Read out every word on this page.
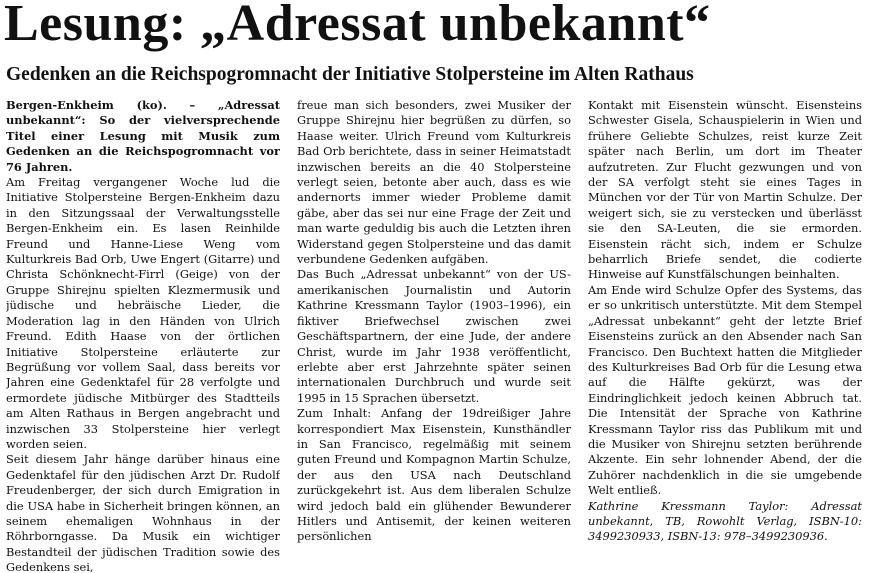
Lesung: „Adressat unbekannt“
Gedenken an die Reichspogromnacht der Initiative Stolpersteine im Alten Rathaus

Bergen-Enkheim (ko). – „Adressat unbekannt“: So der vielversprechende Titel einer Lesung mit Musik zum Gedenken an die Reichspogromnacht vor 76 Jahren.

Am Freitag vergangener Woche lud die Initiative Stolpersteine Bergen-Enkheim dazu in den Sitzungssaal der Verwaltungsstelle Bergen-Enkheim ein. Es lasen Reinhilde Freund und Hanne-Liese Weng vom Kulturkreis Bad Orb, Uwe Engert (Gitarre) und Christa Schönknecht-Firrl (Geige) von der Gruppe Shirejnu spielten Klezmermusik und jüdische und hebräische Lieder, die Moderation lag in den Händen von Ulrich Freund. Edith Haase von der örtlichen Initiative Stolpersteine erläuterte zur Begrüßung vor vollem Saal, dass bereits vor Jahren eine Gedenktafel für 28 verfolgte und ermordete jüdische Mitbürger des Stadtteils am Alten Rathaus in Bergen angebracht und inzwischen 33 Stolpersteine hier verlegt worden seien.

Seit diesem Jahr hänge darüber hinaus eine Gedenktafel für den jüdischen Arzt Dr. Rudolf Freudenberger, der sich durch Emigration in die USA habe in Sicherheit bringen können, an seinem ehemaligen Wohnhaus in der Röhrborngasse. Da Musik ein wichtiger Bestandteil der jüdischen Tradition sowie des Gedenkens sei,

freue man sich besonders, zwei Musiker der Gruppe Shirejnu hier begrüßen zu dürfen, so Haase weiter. Ulrich Freund vom Kulturkreis Bad Orb berichtete, dass in seiner Heimatstadt inzwischen bereits an die 40 Stolpersteine verlegt seien, betonte aber auch, dass es wie andernorts immer wieder Probleme damit gäbe, aber das sei nur eine Frage der Zeit und man warte geduldig bis auch die Letzten ihren Widerstand gegen Stolpersteine und das damit verbundene Gedenken aufgäben.

Das Buch „Adressat unbekannt“ von der US-amerikanischen Journalistin und Autorin Kathrine Kressmann Taylor (1903–1996), ein fiktiver Briefwechsel zwischen zwei Geschäftspartnern, der eine Jude, der andere Christ, wurde im Jahr 1938 veröffentlicht, erlebte aber erst Jahrzehnte später seinen internationalen Durchbruch und wurde seit 1995 in 15 Sprachen übersetzt.

Zum Inhalt: Anfang der 19dreißiger Jahre korrespondiert Max Eisenstein, Kunsthändler in San Francisco, regelmäßig mit seinem guten Freund und Kompagnon Martin Schulze, der aus den USA nach Deutschland zurückgekehrt ist. Aus dem liberalen Schulze wird jedoch bald ein glühender Bewunderer Hitlers und Antisemit, der keinen weiteren persönlichen

Kontakt mit Eisenstein wünscht. Eisensteins Schwester Gisela, Schauspielerin in Wien und frühere Geliebte Schulzes, reist kurze Zeit später nach Berlin, um dort im Theater aufzutreten. Zur Flucht gezwungen und von der SA verfolgt steht sie eines Tages in München vor der Tür von Martin Schulze. Der weigert sich, sie zu verstecken und überlässt sie den SA-Leuten, die sie ermorden. Eisenstein rächt sich, indem er Schulze beharrlich Briefe sendet, die codierte Hinweise auf Kunstfälschungen beinhalten.

Am Ende wird Schulze Opfer des Systems, das er so unkritisch unterstützte. Mit dem Stempel „Adressat unbekannt“ geht der letzte Brief Eisensteins zurück an den Absender nach San Francisco. Den Buchtext hatten die Mitglieder des Kulturkreises Bad Orb für die Lesung etwa auf die Hälfte gekürzt, was der Eindringlichkeit jedoch keinen Abbruch tat. Die Intensität der Sprache von Kathrine Kressmann Taylor riss das Publikum mit und die Musiker von Shirejnu setzten berührende Akzente. Ein sehr lohnender Abend, der die Zuhörer nachdenklich in die sie umgebende Welt entließ.

Kathrine Kressmann Taylor: Adressat unbekannt, TB, Rowohlt Verlag, ISBN-10: 3499230933, ISBN-13: 978–3499230936.
